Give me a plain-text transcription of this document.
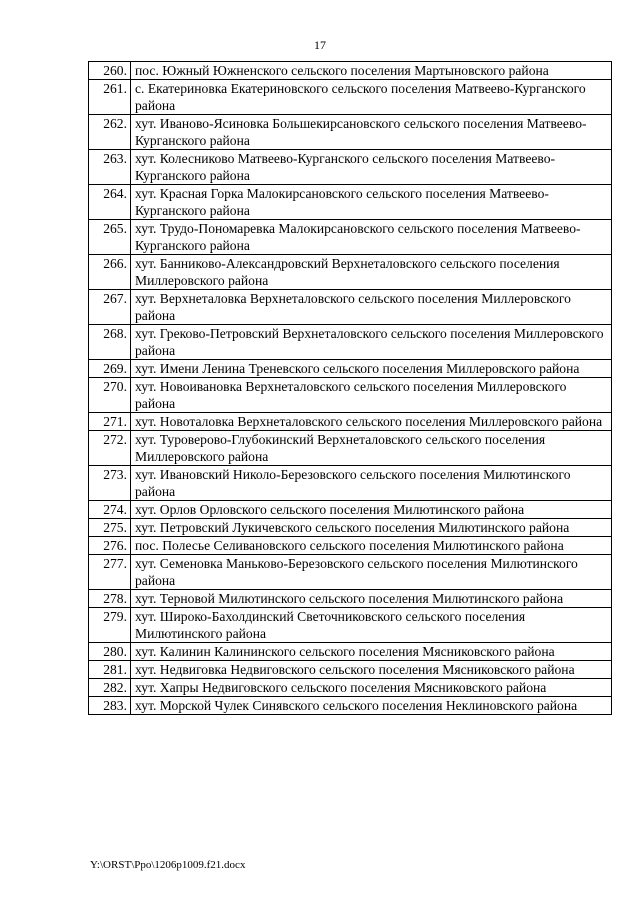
17
260.	пос. Южный Южненского сельского поселения Мартыновского района
261.	с. Екатериновка Екатериновского сельского поселения Матвеево-Курганского района
262.	хут. Иваново-Ясиновка Большекирсановского сельского поселения Матвеево-Курганского района
263.	хут. Колесниково Матвеево-Курганского сельского поселения Матвеево-Курганского района
264.	хут. Красная Горка Малокирсановского сельского поселения Матвеево-Курганского района
265.	хут. Трудо-Пономаревка Малокирсановского сельского поселения Матвеево-Курганского района
266.	хут. Банниково-Александровский Верхнеталовского сельского поселения Миллеровского района
267.	хут. Верхнеталовка Верхнеталовского сельского поселения Миллеровского района
268.	хут. Греково-Петровский Верхнеталовского сельского поселения Миллеровского района
269.	хут. Имени Ленина Треневского сельского поселения Миллеровского района
270.	хут. Новоивановка Верхнеталовского сельского поселения Миллеровского района
271.	хут. Новоталовка Верхнеталовского сельского поселения Миллеровского района
272.	хут. Туроверово-Глубокинский Верхнеталовского сельского поселения Миллеровского района
273.	хут. Ивановский Николо-Березовского сельского поселения Милютинского района
274.	хут. Орлов Орловского сельского поселения Милютинского района
275.	хут. Петровский Лукичевского сельского поселения Милютинского района
276.	пос. Полесье Селивановского сельского поселения Милютинского района
277.	хут. Семеновка Маньково-Березовского сельского поселения Милютинского района
278.	хут. Терновой Милютинского сельского поселения Милютинского района
279.	хут. Широко-Бахолдинский Светочниковского сельского поселения Милютинского района
280.	хут. Калинин Калининского сельского поселения Мясниковского района
281.	хут. Недвиговка Недвиговского сельского поселения Мясниковского района
282.	хут. Хапры Недвиговского сельского поселения Мясниковского района
283.	хут. Морской Чулек Синявского сельского поселения Неклиновского района
Y:\ORST\Ppo\1206p1009.f21.docx
